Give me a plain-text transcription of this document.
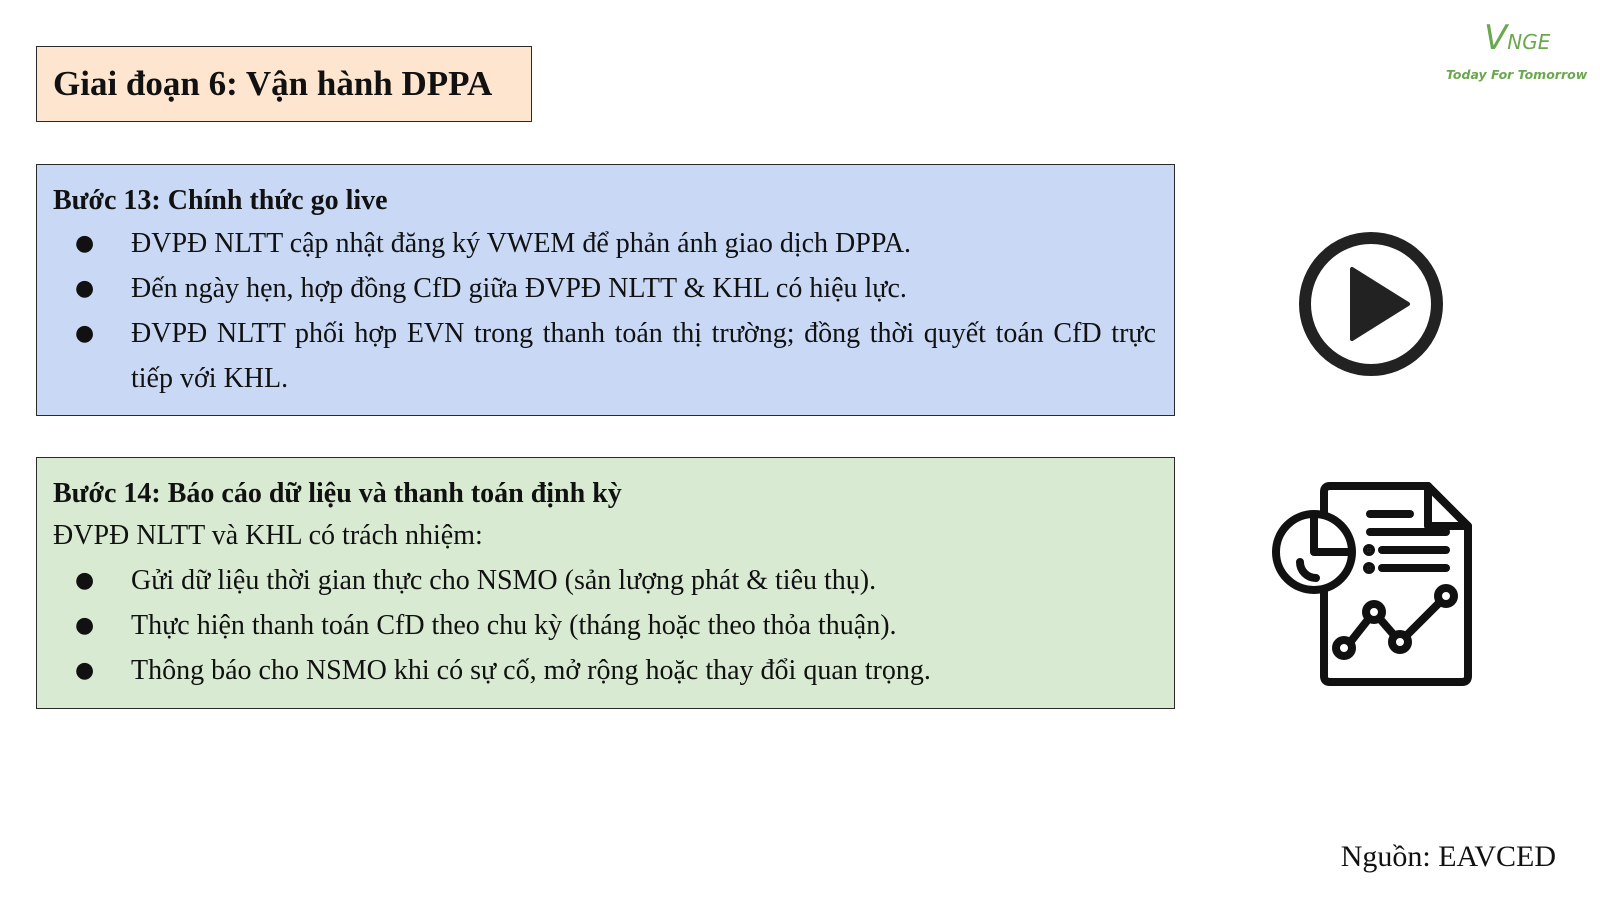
Giai đoạn 6: Vận hành DPPA
VNGE
Today For Tomorrow

Bước 13: Chính thức go live

● ĐVPĐ NLTT cập nhật đăng ký VWEM để phản ánh giao dịch DPPA.
● Đến ngày hẹn, hợp đồng CfD giữa ĐVPĐ NLTT & KHL có hiệu lực.
● ĐVPĐ NLTT phối hợp EVN trong thanh toán thị trường; đồng thời quyết toán CfD trực tiếp với KHL.

Bước 14: Báo cáo dữ liệu và thanh toán định kỳ

ĐVPĐ NLTT và KHL có trách nhiệm:

● Gửi dữ liệu thời gian thực cho NSMO (sản lượng phát & tiêu thụ).
● Thực hiện thanh toán CfD theo chu kỳ (tháng hoặc theo thỏa thuận).
● Thông báo cho NSMO khi có sự cố, mở rộng hoặc thay đổi quan trọng.
Nguồn: EAVCED
